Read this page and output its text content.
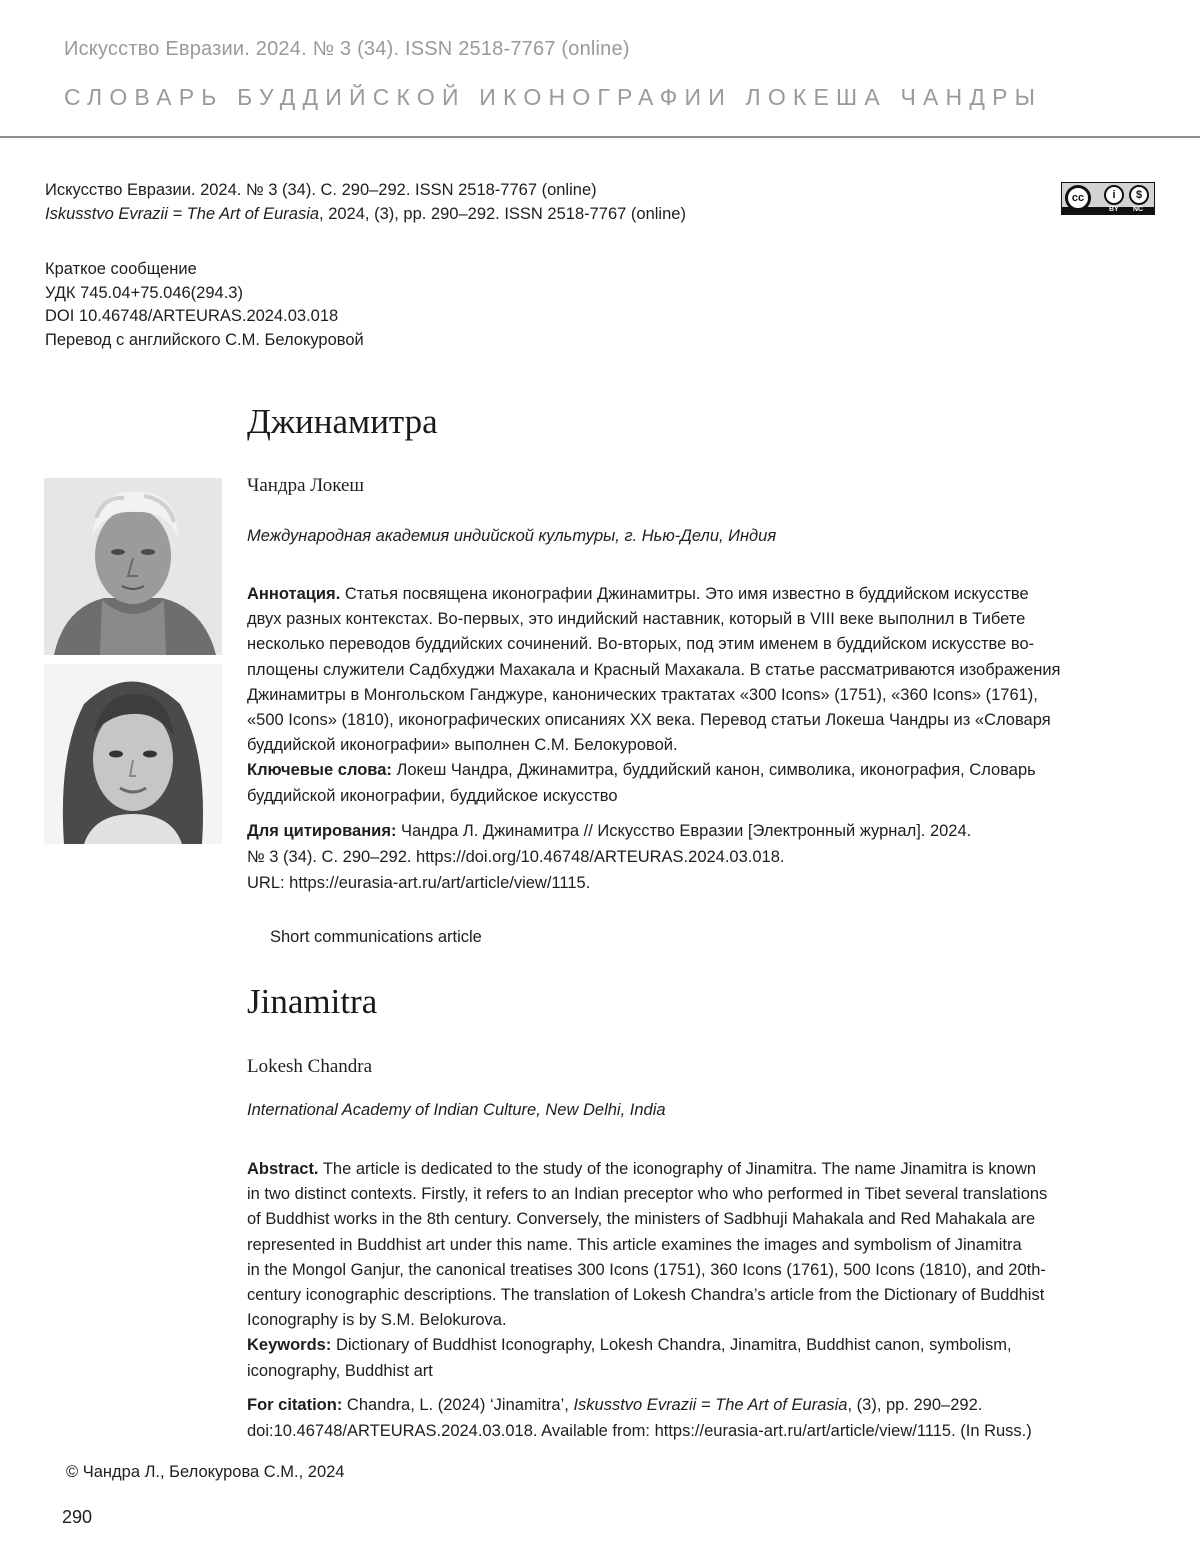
Искусство Евразии. 2024. № 3 (34). ISSN 2518-7767 (online)
СЛОВАРЬ БУДДИЙСКОЙ ИКОНОГРАФИИ ЛОКЕША ЧАНДРЫ
Искусство Евразии. 2024. № 3 (34). С. 290–292. ISSN 2518-7767 (online)
Iskusstvo Evrazii = The Art of Eurasia, 2024, (3), pp. 290–292. ISSN 2518-7767 (online)
cc	i	$
BY NC
Краткое сообщение
УДК 745.04+75.046(294.3)
DOI 10.46748/ARTEURAS.2024.03.018
Перевод с английского С.М. Белокуровой
Джинамитра
Чандра Локеш
Международная академия индийской культуры, г. Нью-Дели, Индия
Аннотация. Статья посвящена иконографии Джинамитры. Это имя известно в буддийском искусстве
двух разных контекстах. Во-первых, это индийский наставник, который в VIII веке выполнил в Тибете
несколько переводов буддийских сочинений. Во-вторых, под этим именем в буддийском искусстве во-
площены служители Садбхуджи Махакала и Красный Махакала. В статье рассматриваются изображения
Джинамитры в Монгольском Ганджуре, канонических трактатах «300 Icons» (1751), «360 Icons» (1761),
«500 Icons» (1810), иконографических описаниях XX века. Перевод статьи Локеша Чандры из «Словаря
буддийской иконографии» выполнен С.М. Белокуровой.
Ключевые слова: Локеш Чандра, Джинамитра, буддийский канон, символика, иконография, Словарь
буддийской иконографии, буддийское искусство
Для цитирования: Чандра Л. Джинамитра // Искусство Евразии [Электронный журнал]. 2024.
№ 3 (34). С. 290–292. https://doi.org/10.46748/ARTEURAS.2024.03.018.
URL: https://eurasia-art.ru/art/article/view/1115.
Short communications article
Jinamitra
Lokesh Chandra
International Academy of Indian Culture, New Delhi, India
Abstract. The article is dedicated to the study of the iconography of Jinamitra. The name Jinamitra is known
in two distinct contexts. Firstly, it refers to an Indian preceptor who who performed in Tibet several translations
of Buddhist works in the 8th century. Conversely, the ministers of Sadbhuji Mahakala and Red Mahakala are
represented in Buddhist art under this name. This article examines the images and symbolism of Jinamitra
in the Mongol Ganjur, the canonical treatises 300 Icons (1751), 360 Icons (1761), 500 Icons (1810), and 20th-
century iconographic descriptions. The translation of Lokesh Chandra’s article from the Dictionary of Buddhist
Iconography is by S.M. Belokurova.
Keywords: Dictionary of Buddhist Iconography, Lokesh Chandra, Jinamitra, Buddhist canon, symbolism,
iconography, Buddhist art
For citation: Chandra, L. (2024) ‘Jinamitra’, Iskusstvo Evrazii = The Art of Eurasia, (3), pp. 290–292.
doi:10.46748/ARTEURAS.2024.03.018. Available from: https://eurasia-art.ru/art/article/view/1115. (In Russ.)
© Чандра Л., Белокурова С.М., 2024
290
